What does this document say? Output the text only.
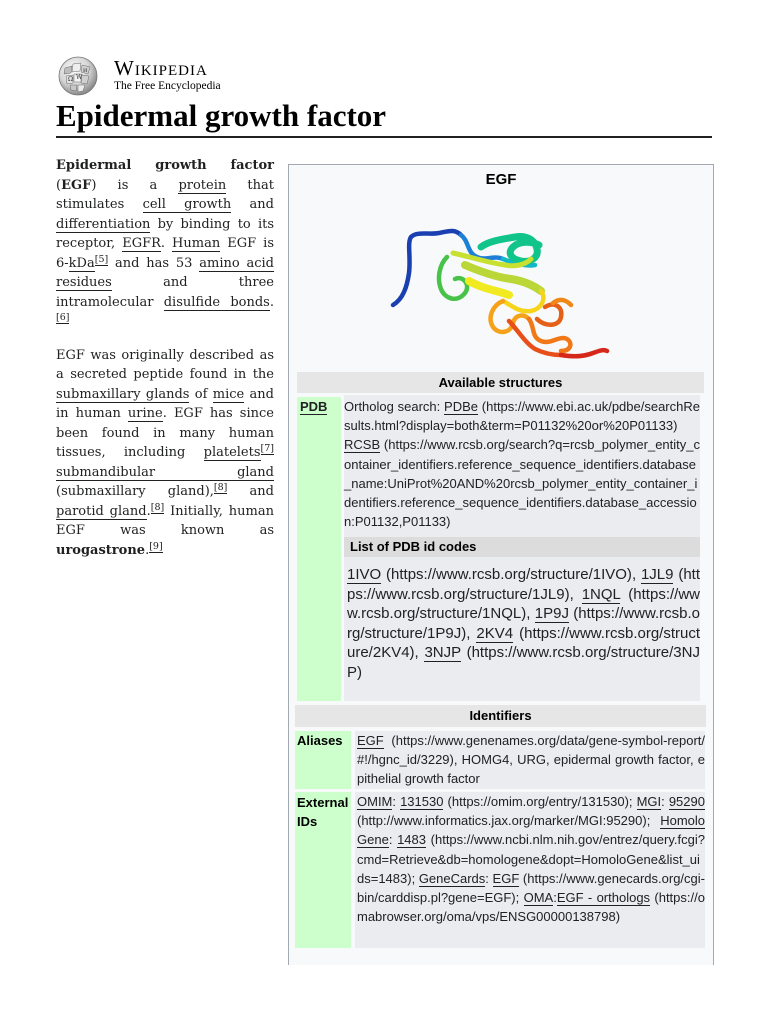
Ω W
И Wikipedia
The Free Encyclopedia
Epidermal growth factor

Epidermal growth factor (EGF) is a protein that stimulates cell growth and differentiation by binding to its receptor, EGFR. Human EGF is 6-kDa[5] and has 53 amino acid residues and three intramolecular disulfide bonds.[6]

EGF was originally described as a secreted peptide found in the submaxillary glands of mice and in human urine. EGF has since been found in many human tissues, including platelets[7] submandibular gland (submaxillary gland),[8] and parotid gland.[8] Initially, human EGF was known as urogastrone.[9]

EGF
Available structures
PDB Ortholog search: PDBe (https://www.ebi.ac.uk/pdbe/searchResults.html?display=both&term=P01132%20or%20P01133) RCSB (https://www.rcsb.org/search?q=rcsb_polymer_entity_container_identifiers.reference_sequence_identifiers.database_name:UniProt%20AND%20rcsb_polymer_entity_container_identifiers.reference_sequence_identifiers.database_accession:P01132,P01133)
List of PDB id codes
1IVO (https://www.rcsb.org/structure/1IVO), 1JL9 (https://www.rcsb.org/structure/1JL9), 1NQL (https://www.rcsb.org/structure/1NQL), 1P9J (https://www.rcsb.org/structure/1P9J), 2KV4 (https://www.rcsb.org/structure/2KV4), 3NJP (https://www.rcsb.org/structure/3NJP)
Identifiers
Aliases EGF (https://www.genenames.org/data/gene-symbol-report/#!/hgnc_id/3229), HOMG4, URG, epidermal growth factor, epithelial growth factor
External IDs
OMIM: 131530 (https://omim.org/entry/131530); MGI: 95290 (http://www.informatics.jax.org/marker/MGI:95290); HomoloGene: 1483 (https://www.ncbi.nlm.nih.gov/entrez/query.fcgi?cmd=Retrieve&db=homologene&dopt=HomoloGene&list_uids=1483); GeneCards: EGF (https://www.genecards.org/cgi-bin/carddisp.pl?gene=EGF); OMA:EGF - orthologs (https://omabrowser.org/oma/vps/ENSG00000138798)
